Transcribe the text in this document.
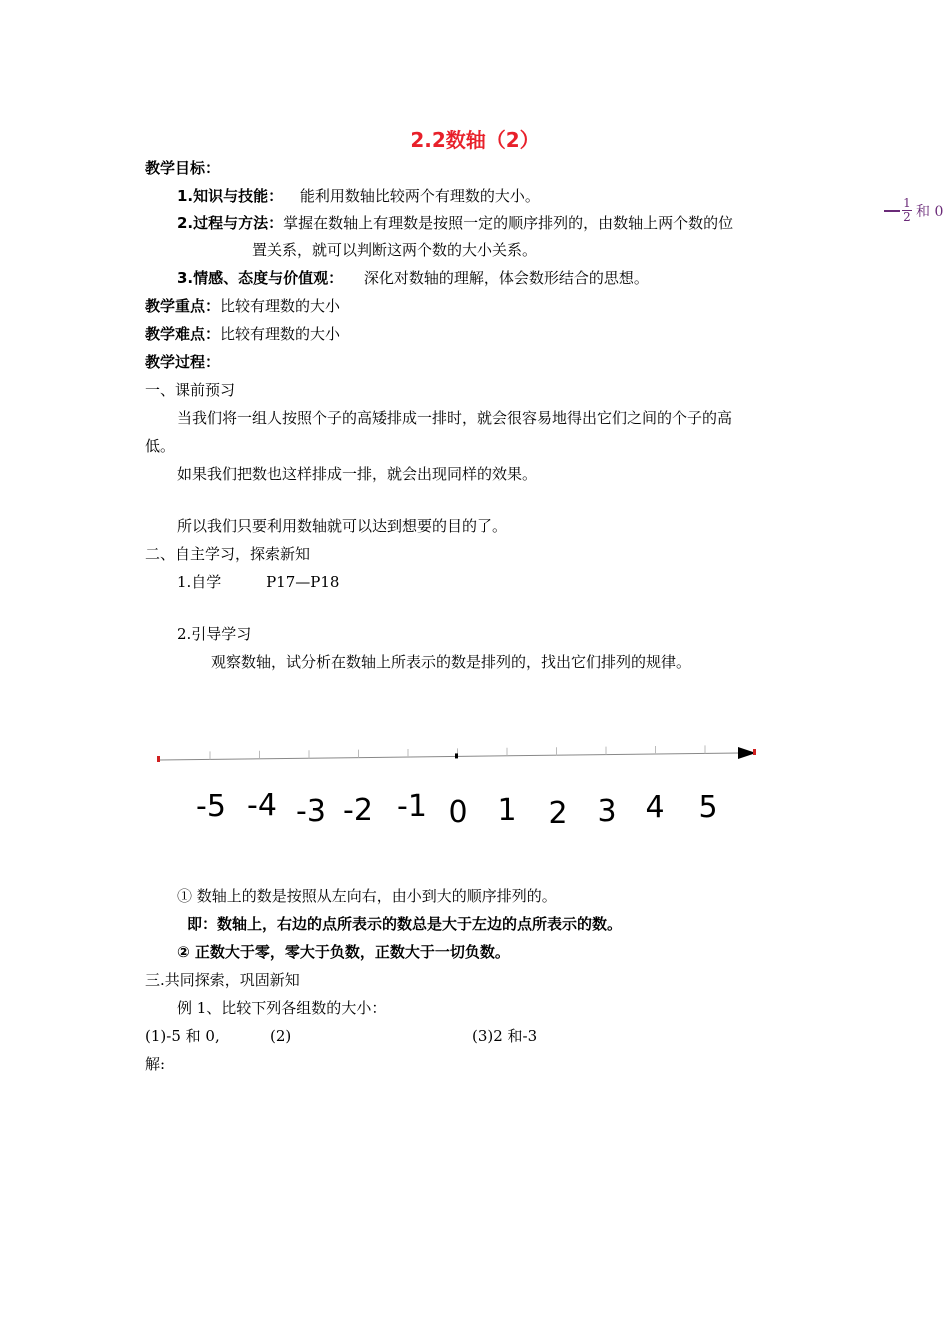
2.2数轴（2）
$\frac{1}{2}$ 和 0
教学目标：
1.知识与技能： 能利用数轴比较两个有理数的大小。
2.过程与方法：掌握在数轴上有理数是按照一定的顺序排列的，由数轴上两个数的位
置关系，就可以判断这两个数的大小关系。
3.情感、态度与价值观： 深化对数轴的理解，体会数形结合的思想。
教学重点：比较有理数的大小
教学难点：比较有理数的大小
教学过程：
一、课前预习
当我们将一组人按照个子的高矮排成一排时，就会很容易地得出它们之间的个子的高
低。
如果我们把数也这样排成一排，就会出现同样的效果。
所以我们只要利用数轴就可以达到想要的目的了。
二、自主学习，探索新知
1.自学	P17—P18
2.引导学习
观察数轴，试分析在数轴上所表示的数是排列的，找出它们排列的规律。
-5 -4 -3 -2 -1 0 1 2 3 4 5
① 数轴上的数是按照从左向右，由小到大的顺序排列的。
即：数轴上，右边的点所表示的数总是大于左边的点所表示的数。
② 正数大于零，零大于负数，正数大于一切负数。
三.共同探索，巩固新知
例 1、比较下列各组数的大小：
(1)-5 和 0,	(2)	(3)2 和-3
解:
